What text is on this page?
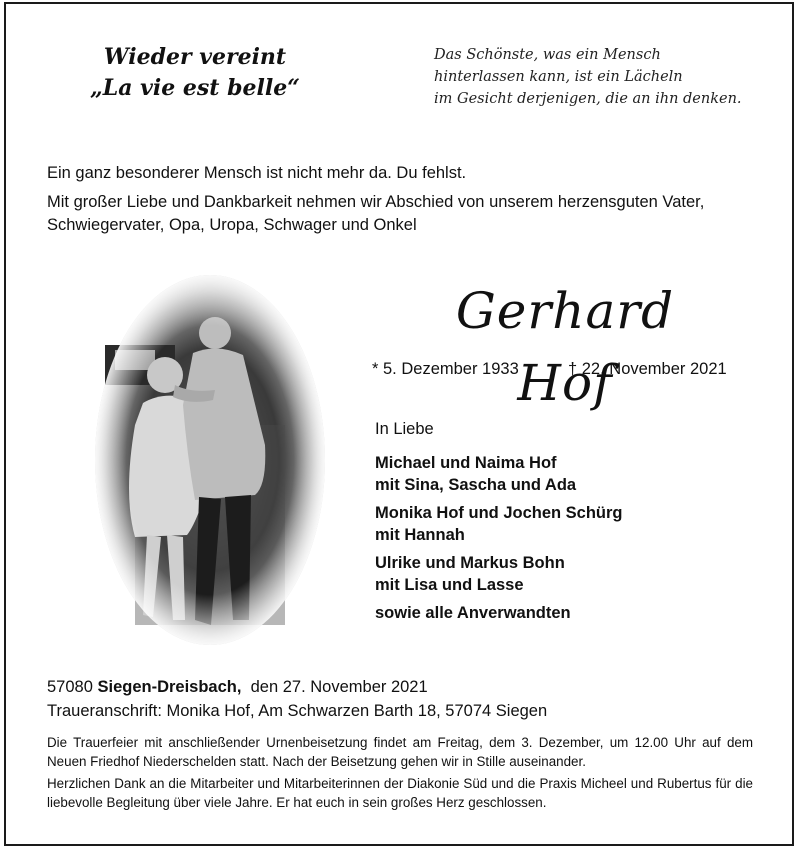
Wieder vereint
„La vie est belle“
Das Schönste, was ein Mensch
hinterlassen kann, ist ein Lächeln
im Gesicht derjenigen, die an ihn denken.

Ein ganz besonderer Mensch ist nicht mehr da. Du fehlst.

Mit großer Liebe und Dankbarkeit nehmen wir Abschied von unserem herzensguten Vater, Schwiegervater, Opa, Uropa, Schwager und Onkel

Gerhard Hof
* 5. Dezember 1933	† 22. November 2021
In Liebe
Michael und Naima Hof
mit Sina, Sascha und Ada
Monika Hof und Jochen Schürg
mit Hannah
Ulrike und Markus Bohn
mit Lisa und Lasse
sowie alle Anverwandten
57080 Siegen-Dreisbach, den 27. November 2021
Traueranschrift: Monika Hof, Am Schwarzen Barth 18, 57074 Siegen
Die Trauerfeier mit anschließender Urnenbeisetzung findet am Freitag, dem 3. Dezember, um 12.00 Uhr auf dem Neuen Friedhof Niederschelden statt. Nach der Beisetzung gehen wir in Stille auseinander.
Herzlichen Dank an die Mitarbeiter und Mitarbeiterinnen der Diakonie Süd und die Praxis Micheel und Rubertus für die liebevolle Begleitung über viele Jahre. Er hat euch in sein großes Herz geschlossen.
